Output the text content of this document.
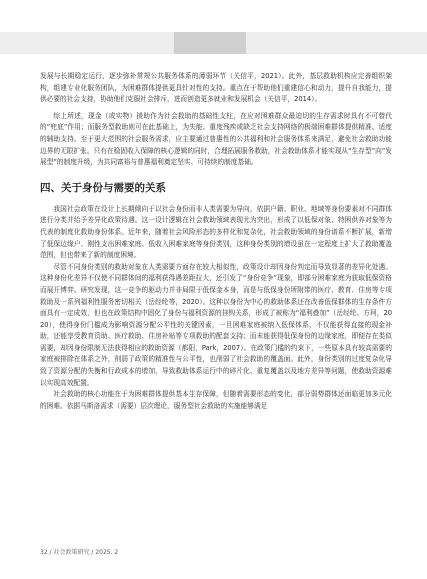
发展与长期稳定运行，逐步弥补常规公共服务体系的薄弱环节（关信平，2021）。此外，基层救助机构应完善组织架构，组建专业化服务团队，为困难群体提供更具针对性的支持。重点在于帮助他们重建信心和动力，提升自我能力，提供必要的社会支持，协助他们克服社会排斥，进而创造更多就业和发展机会（关信平，2014）。

综上所述，现金（或实物）援助作为社会救助的基础性支柱，在应对困难群众最迫切的生存需求时具有不可替代的“兜底”作用；而服务型救助则可在此基础上，为失能、重度残疾或缺乏社会支持网络的极端困难群体提供精准、适度的辅助支持。至于更大范围的社会服务需求，应主要通过普惠性的公共福利和社会服务体系来满足，避免社会救助功能边界的无限扩张。只有在稳固收入保障的核心逻辑的同时，合理拓展服务救助，社会救助体系才能实现从“生存型”向“发展型”的制度升级，为共同富裕与普惠福利奠定坚实、可持续的制度基础。

四、关于身份与需要的关系

我国社会政策在设计上长期倾向于以社会身份而非人类需要为导向，依据户籍、职业、地域等身份要素对不同群体进行分类并给予差异化政策待遇。这一设计逻辑在社会救助领域表现尤为突出，形成了以低保对象、特困供养对象等为代表的制度化救助身份体系。近年来，随着社会风险形态的多样化和复杂化，社会救助领域的身份谱系不断扩展，新增了低保边缘户、刚性支出困难家庭、低收入困难家庭等身份类别，这种身份类别的增设虽在一定程度上扩大了救助覆盖范围，但也带来了新的制度困境。

尽管不同身份类别的救助对象在人类需要方面存在较大相似性，政策设计却因身份判定而导致显著的差异化处遇。这种身份化差异不仅使不同群体间的福利获得遇差距拉大，还引发了“身份竞争”现象，即部分困难家庭为获取低保资格而展开博弈。研究发现，这一竞争的驱动力并非局限于低保金本身，而是与低保身份所附带的医疗、教育、住房等专项救助及一系列福利性服务密切相关（岳经纶等，2020）。这种以身份为中心的救助体系还在改善低保群体的生存条件方面具有一定成效，但也在政策结构中固化了身份与福利资源的挂钩关系，形成了被称为“福利叠加”（岳经纶、方珂，2020），使得身份门槛成为影响资源分配公平性的关键因素，一旦困难家庭被纳入低保体系，不仅能获得直接的现金补助，还能享受教育资助、医疗救助、住房补贴等专项救助的配套支持；而未能获得低保身份的边缘家庭，即便存在类似需要，却因身份限制无法获得相应的救助资源（都阳，Park，2007）。在政策门槛的约束下，一些原本具有较高需要的家庭被排除在体系之外，削弱了政策的精准性与公平性，也削弱了社会救助的覆盖面。此外，身份类别的过度复杂化导致了资源分配的失衡和行政成本的增加，导致救助体系运行中的碎片化、重复覆盖以及地方差异等问题，使救助资源难以实现高效配置。

社会救助的核心功能在于为困难群体提供基本生存保障，但随着需要形态的变化，部分弱势群体还面临更加多元化的困难。依据马斯洛需求（需要）层次理论，服务型社会救助的实施能够满足

32 / 社会政策研究 / 2025. 2
